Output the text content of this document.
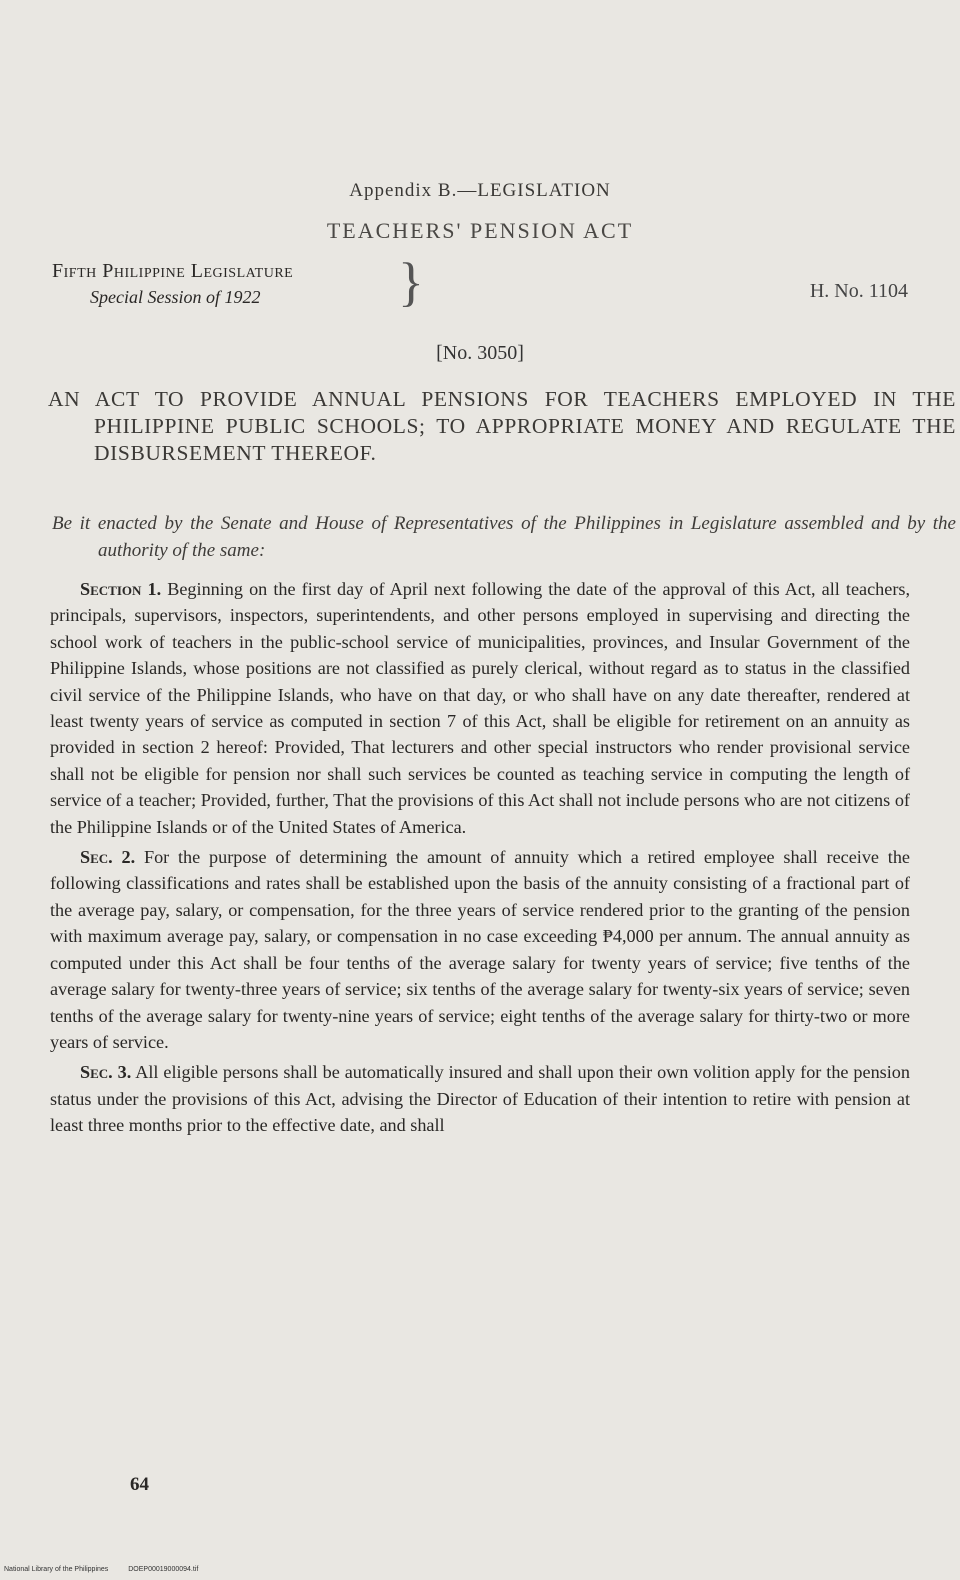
Appendix B.—LEGISLATION
TEACHERS' PENSION ACT
Fifth Philippine Legislature
Special Session of 1922	}	H. No. 1104
[No. 3050]
AN ACT TO PROVIDE ANNUAL PENSIONS FOR TEACHERS EMPLOYED IN THE PHILIPPINE PUBLIC SCHOOLS; TO APPROPRIATE MONEY AND REGULATE THE DISBURSEMENT THEREOF.
Be it enacted by the Senate and House of Representatives of the Philippines in Legislature assembled and by the authority of the same:

Section 1. Beginning on the first day of April next following the date of the approval of this Act, all teachers, principals, supervisors, inspectors, superintendents, and other persons employed in supervising and directing the school work of teachers in the public-school service of municipalities, provinces, and Insular Government of the Philippine Islands, whose positions are not classified as purely clerical, without regard as to status in the classified civil service of the Philippine Islands, who have on that day, or who shall have on any date thereafter, rendered at least twenty years of service as computed in section 7 of this Act, shall be eligible for retirement on an annuity as provided in section 2 hereof: Provided, That lecturers and other special instructors who render provisional service shall not be eligible for pension nor shall such services be counted as teaching service in computing the length of service of a teacher; Provided, further, That the provisions of this Act shall not include persons who are not citizens of the Philippine Islands or of the United States of America.

Sec. 2. For the purpose of determining the amount of annuity which a retired employee shall receive the following classifications and rates shall be established upon the basis of the annuity consisting of a fractional part of the average pay, salary, or compensation, for the three years of service rendered prior to the granting of the pension with maximum average pay, salary, or compensation in no case exceeding ₱4,000 per annum. The annual annuity as computed under this Act shall be four tenths of the average salary for twenty years of service; five tenths of the average salary for twenty-three years of service; six tenths of the average salary for twenty-six years of service; seven tenths of the average salary for twenty-nine years of service; eight tenths of the average salary for thirty-two or more years of service.

Sec. 3. All eligible persons shall be automatically insured and shall upon their own volition apply for the pension status under the provisions of this Act, advising the Director of Education of their intention to retire with pension at least three months prior to the effective date, and shall

64
National Library of the Philippines	DOEP00019000094.tif
